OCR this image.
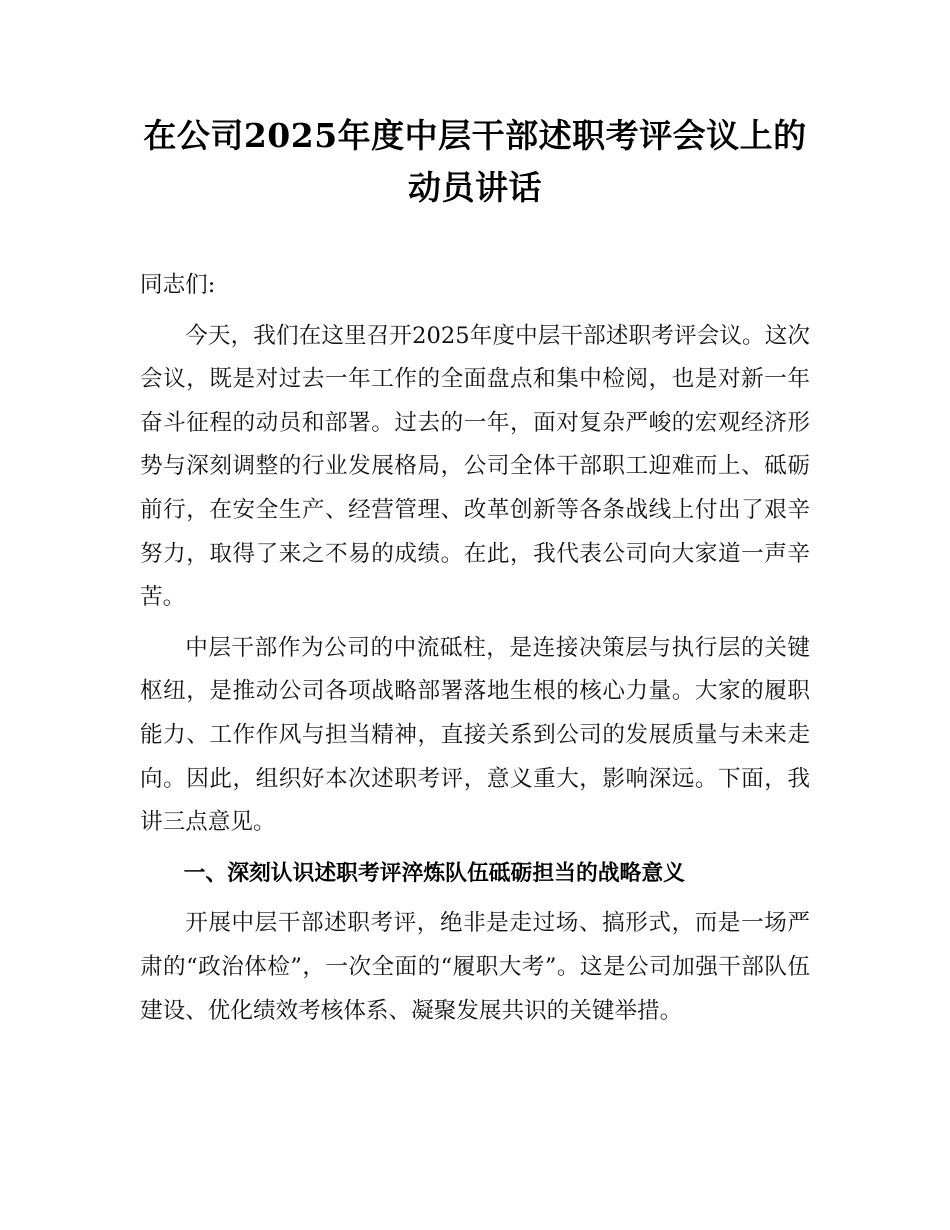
在公司2025年度中层干部述职考评会议上的
动员讲话

同志们:

今天，我们在这里召开2025年度中层干部述职考评会议。这次会议，既是对过去一年工作的全面盘点和集中检阅，也是对新一年奋斗征程的动员和部署。过去的一年，面对复杂严峻的宏观经济形势与深刻调整的行业发展格局，公司全体干部职工迎难而上、砥砺前行，在安全生产、经营管理、改革创新等各条战线上付出了艰辛努力，取得了来之不易的成绩。在此，我代表公司向大家道一声辛苦。

中层干部作为公司的中流砥柱，是连接决策层与执行层的关键枢纽，是推动公司各项战略部署落地生根的核心力量。大家的履职能力、工作作风与担当精神，直接关系到公司的发展质量与未来走向。因此，组织好本次述职考评，意义重大，影响深远。下面，我讲三点意见。

一、深刻认识述职考评淬炼队伍砥砺担当的战略意义

开展中层干部述职考评，绝非是走过场、搞形式，而是一场严肃的“政治体检”，一次全面的“履职大考”。这是公司加强干部队伍建设、优化绩效考核体系、凝聚发展共识的关键举措。
